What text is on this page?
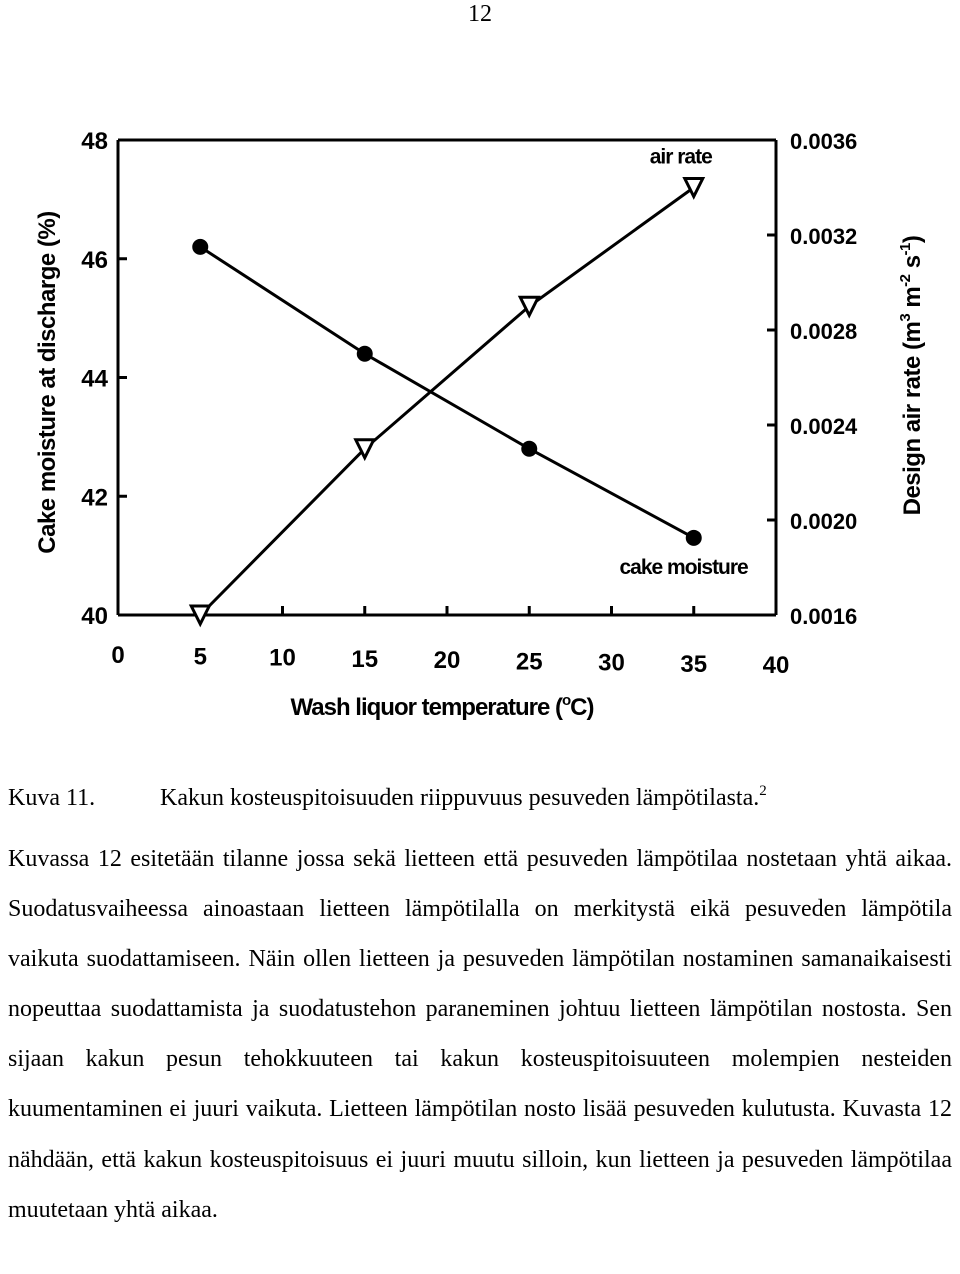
12
0	5	10 15 20 25 30 35 40
40
42
44
46
48
0.0016
0.0020
0.0024
0.0028
0.0032
0.0036
air rate
cake moisture
Wash liquor temperature ($^o$C)
Cake moisture at discharge (%)	Design air rate ($m^3$ $m^{-2}$ $s^{-1}$)
Kuva 11.	Kakun kosteuspitoisuuden riippuvuus pesuveden lämpötilasta.$^2$

Kuvassa 12 esitetään tilanne jossa sekä lietteen että pesuveden lämpötilaa nostetaan yhtä aikaa. Suodatusvaiheessa ainoastaan lietteen lämpötilalla on merkitystä eikä pesuveden lämpötila vaikuta suodattamiseen. Näin ollen lietteen ja pesuveden lämpötilan nostaminen samanaikaisesti nopeuttaa suodattamista ja suodatustehon paraneminen johtuu lietteen lämpötilan nostosta. Sen sijaan kakun pesun tehokkuuteen tai kakun kosteuspitoisuuteen molempien nesteiden kuumentaminen ei juuri vaikuta. Lietteen lämpötilan nosto lisää pesuveden kulutusta. Kuvasta 12 nähdään, että kakun kosteuspitoisuus ei juuri muutu silloin, kun lietteen ja pesuveden lämpötilaa muutetaan yhtä aikaa.
